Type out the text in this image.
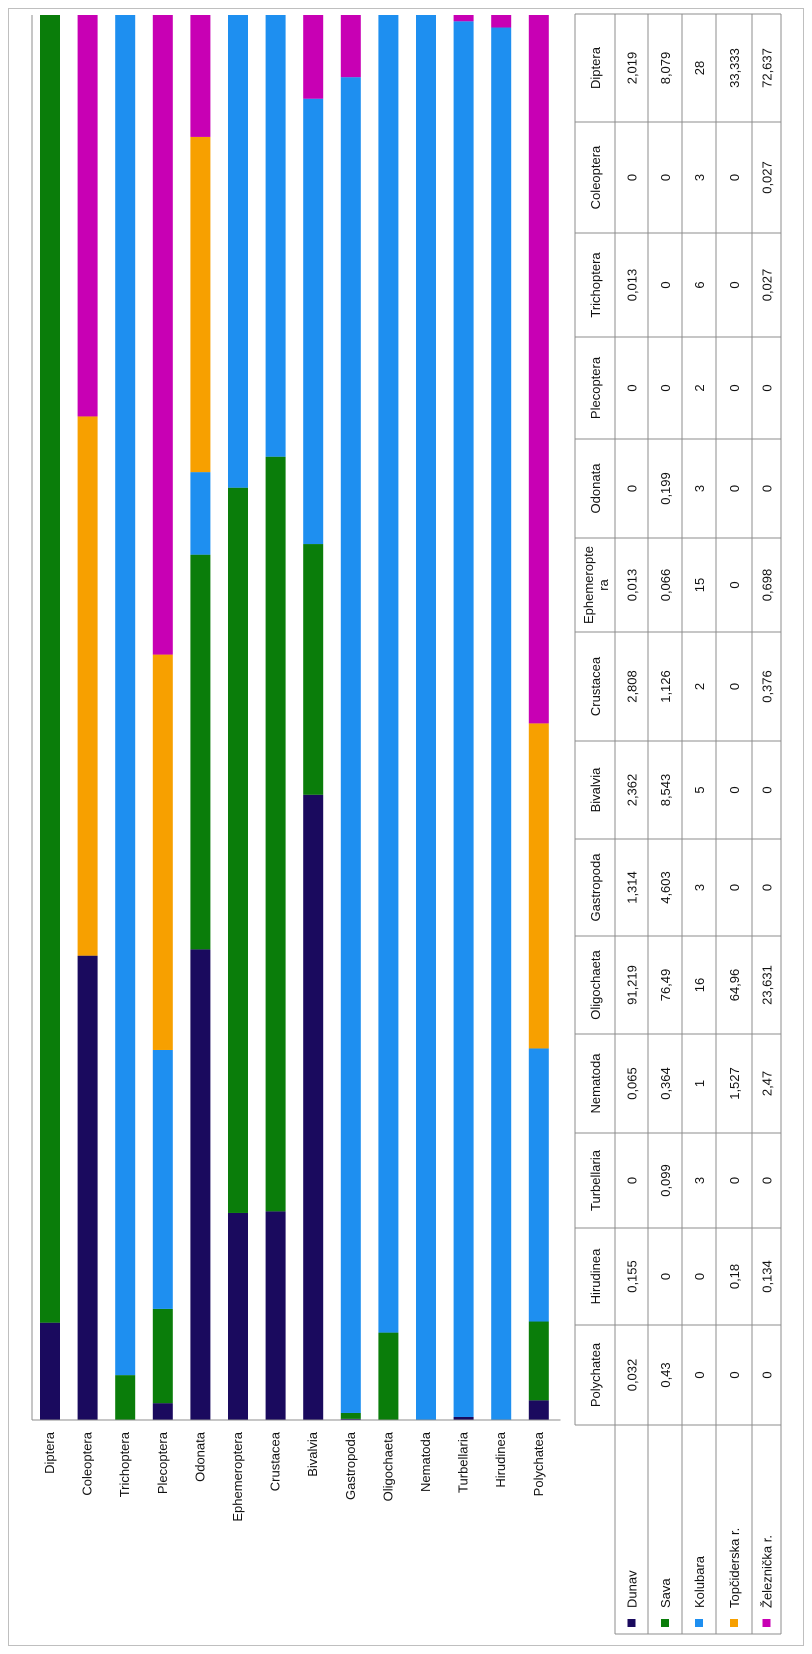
Diptera Coleoptera Trichoptera Plecoptera Odonata Ephemeroptera Crustacea Bivalvia Gastropoda Oligochaeta Nematoda Turbellaria Hirudinea Polychatea
Polychatea
Hirudinea
Turbellaria
Nematoda
Oligochaeta
Gastropoda
Bivalvia
Crustacea
Ephemeropte ra
Odonata
Plecoptera
Trichoptera
Coleoptera
Diptera
Dunav
0,032
0,155
0
0,065
91,219
1,314
2,362
2,808
0,013
0
0
0,013
0
2,019
Sava
0,43
0
0,099
0,364
76,49
4,603
8,543
1,126
0,066
0,199
0
0
0
8,079
Kolubara
0
0
3
1
16
3
5
2
15
3
2
6
3
28
Topčiderska r.
0
0,18
0
1,527
64,96
0
0
0
0
0
0
0
0
33,333
Železnička r.
0
0,134
0
2,47
23,631
0
0
0,376
0,698
0
0
0,027
0,027
72,637
